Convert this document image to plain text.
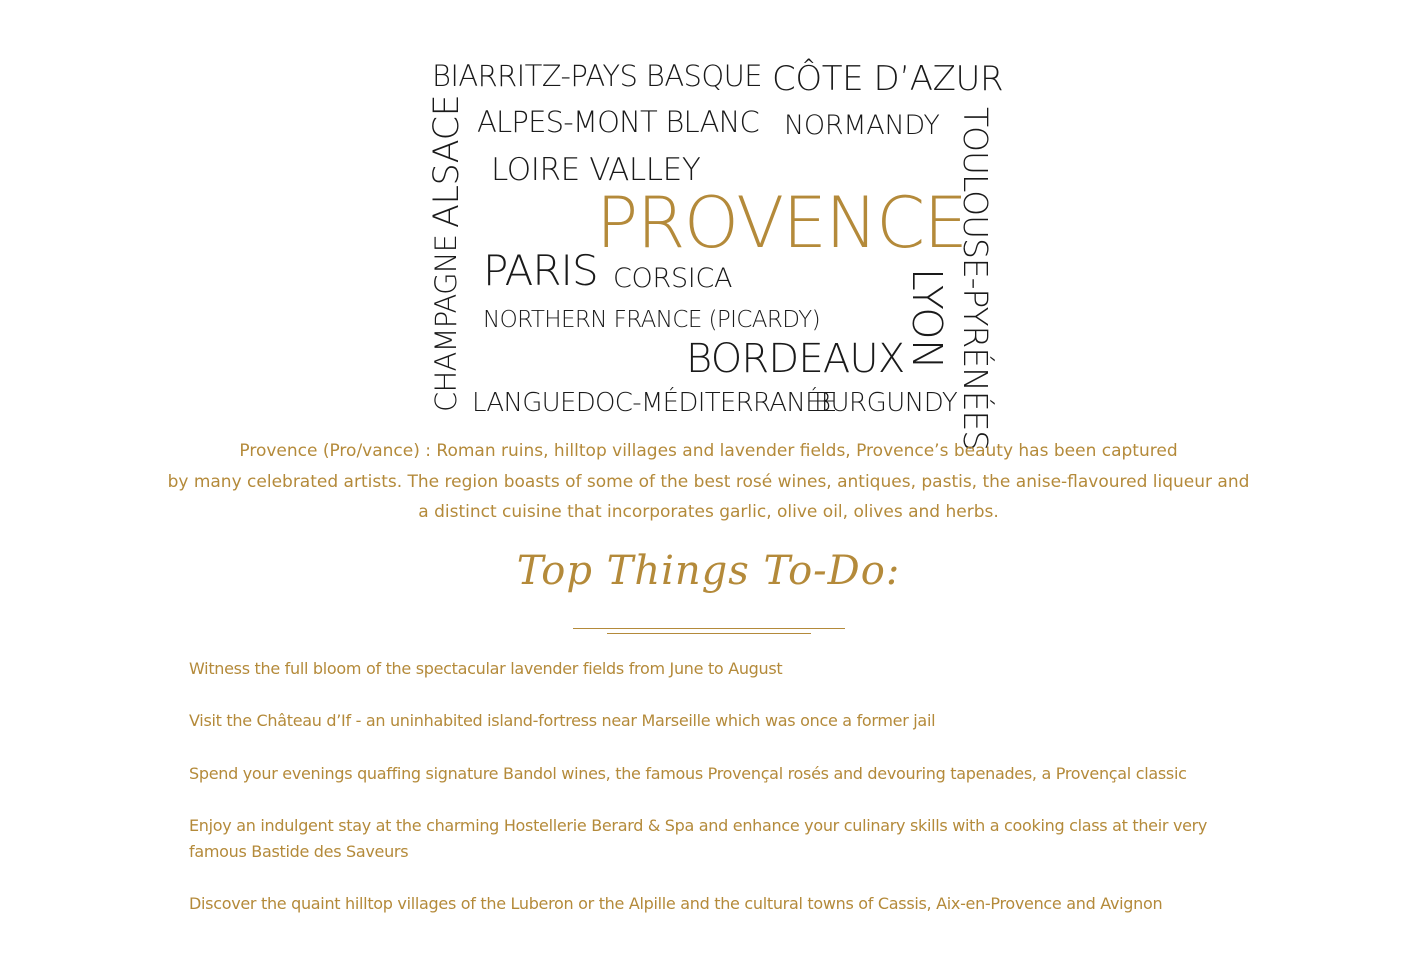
BIARRITZ-PAYS BASQUE CÔTE D’AZUR
ALPES-MONT BLANC NORMANDY
LOIRE VALLEY
PROVENCE
PARIS CORSICA
NORTHERN FRANCE (PICARDY)
BORDEAUX
LANGUEDOC-MÉDITERRANÉE
BURGUNDY
ALSACE
CHAMPAGNE	LYON TOULOUSE-PYRÉNÉES

Provence (Pro/vance) : Roman ruins, hilltop villages and lavender fields, Provence’s beauty has been captured

by many celebrated artists. The region boasts of some of the best rosé wines, antiques, pastis, the anise-flavoured liqueur and

a distinct cuisine that incorporates garlic, olive oil, olives and herbs.

Top Things To-Do:
Witness the full bloom of the spectacular lavender fields from June to August
Visit the Château d’If - an uninhabited island-fortress near Marseille which was once a former jail
Spend your evenings quaffing signature Bandol wines, the famous Provençal rosés and devouring tapenades, a Provençal classic
Enjoy an indulgent stay at the charming Hostellerie Berard & Spa and enhance your culinary skills with a cooking class at their very famous Bastide des Saveurs
Discover the quaint hilltop villages of the Luberon or the Alpille and the cultural towns of Cassis, Aix-en-Provence and Avignon
